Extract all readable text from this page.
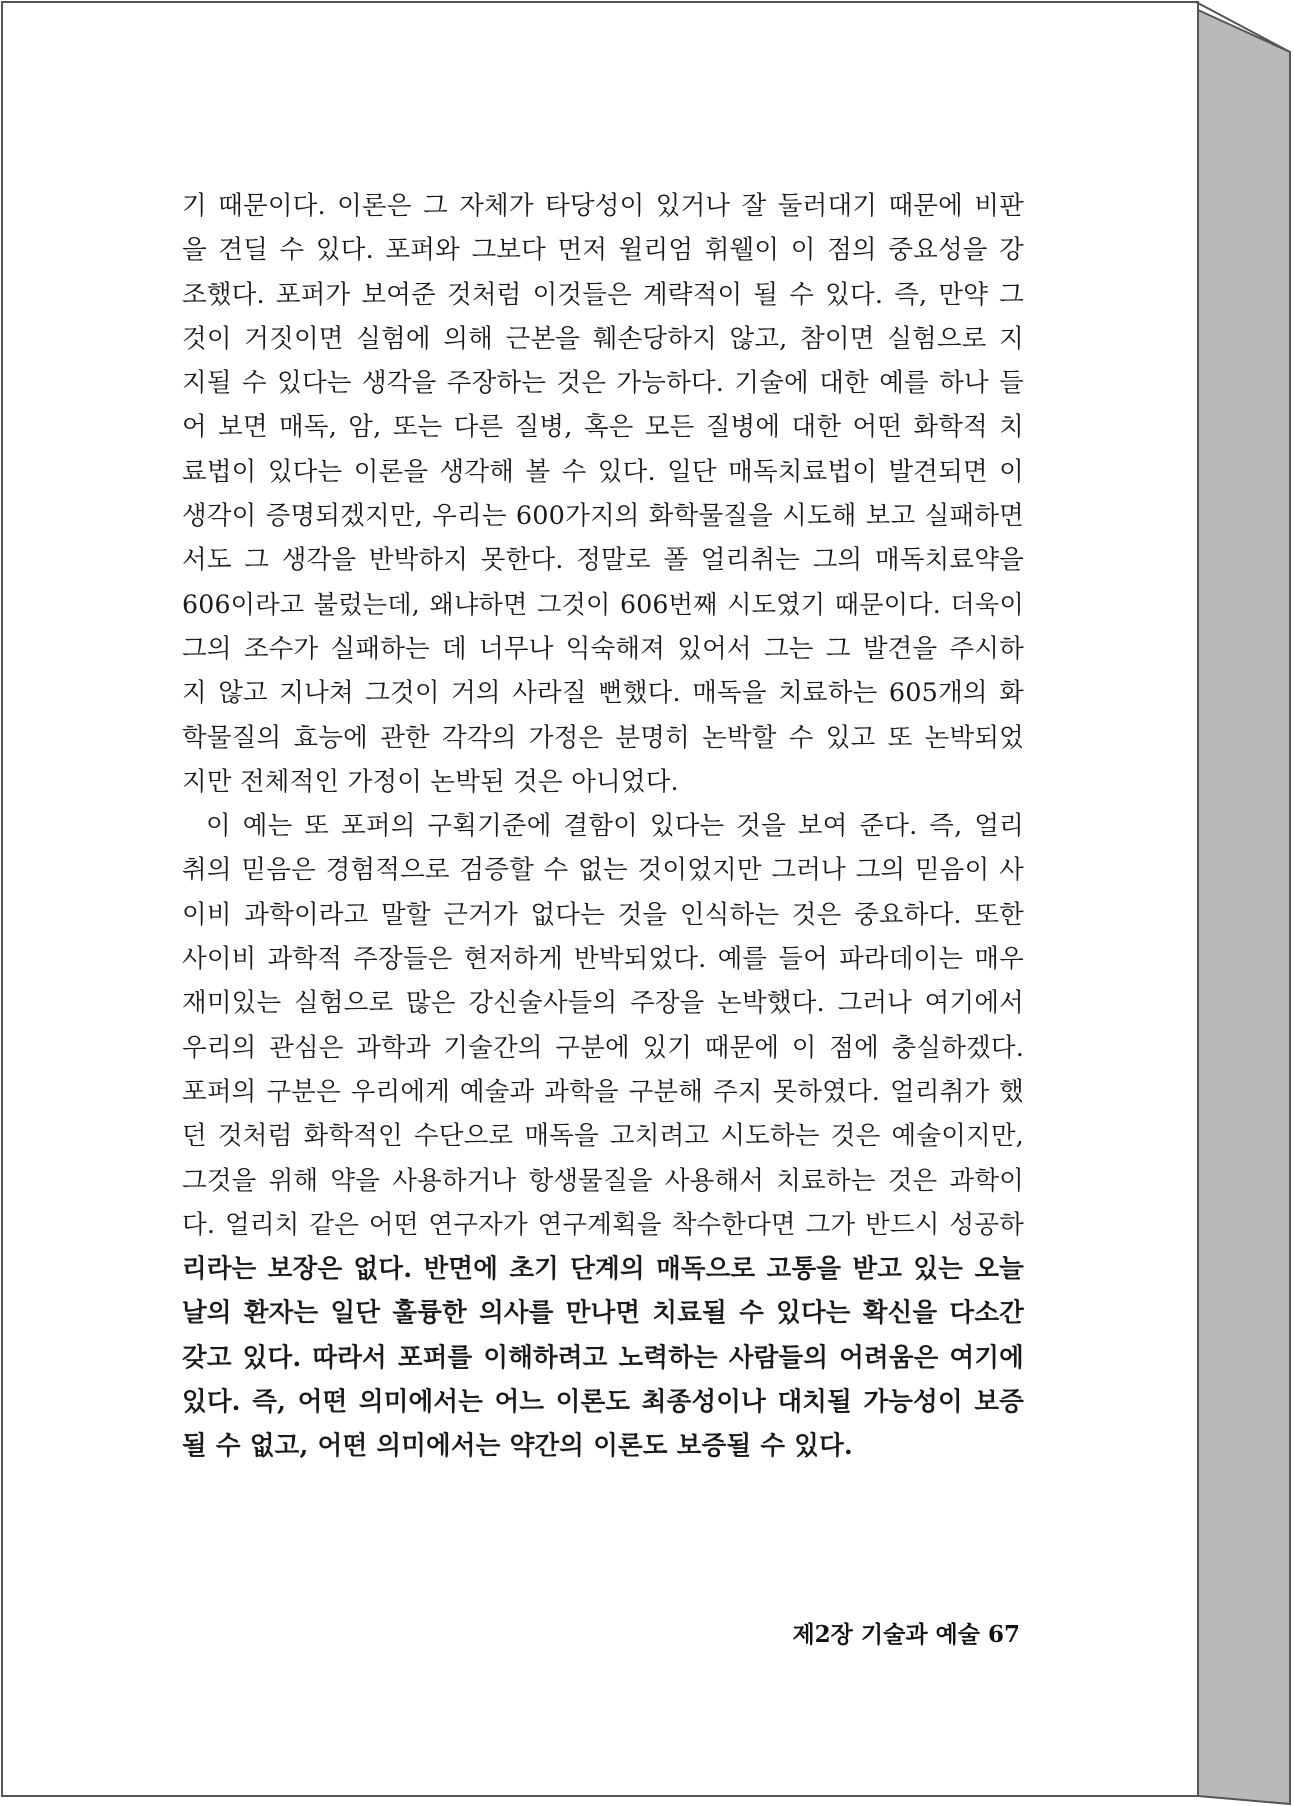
기 때문이다. 이론은 그 자체가 타당성이 있거나 잘 둘러대기 때문에 비판
을 견딜 수 있다. 포퍼와 그보다 먼저 윌리엄 휘웰이 이 점의 중요성을 강
조했다. 포퍼가 보여준 것처럼 이것들은 계략적이 될 수 있다. 즉, 만약 그
것이 거짓이면 실험에 의해 근본을 훼손당하지 않고, 참이면 실험으로 지
지될 수 있다는 생각을 주장하는 것은 가능하다. 기술에 대한 예를 하나 들
어 보면 매독, 암, 또는 다른 질병, 혹은 모든 질병에 대한 어떤 화학적 치
료법이 있다는 이론을 생각해 볼 수 있다. 일단 매독치료법이 발견되면 이
생각이 증명되겠지만, 우리는 600가지의 화학물질을 시도해 보고 실패하면
서도 그 생각을 반박하지 못한다. 정말로 폴 얼리취는 그의 매독치료약을
606이라고 불렀는데, 왜냐하면 그것이 606번째 시도였기 때문이다. 더욱이
그의 조수가 실패하는 데 너무나 익숙해져 있어서 그는 그 발견을 주시하
지 않고 지나쳐 그것이 거의 사라질 뻔했다. 매독을 치료하는 605개의 화
학물질의 효능에 관한 각각의 가정은 분명히 논박할 수 있고 또 논박되었
지만 전체적인 가정이 논박된 것은 아니었다.
이 예는 또 포퍼의 구획기준에 결함이 있다는 것을 보여 준다. 즉, 얼리
취의 믿음은 경험적으로 검증할 수 없는 것이었지만 그러나 그의 믿음이 사
이비 과학이라고 말할 근거가 없다는 것을 인식하는 것은 중요하다. 또한
사이비 과학적 주장들은 현저하게 반박되었다. 예를 들어 파라데이는 매우
재미있는 실험으로 많은 강신술사들의 주장을 논박했다. 그러나 여기에서
우리의 관심은 과학과 기술간의 구분에 있기 때문에 이 점에 충실하겠다.
포퍼의 구분은 우리에게 예술과 과학을 구분해 주지 못하였다. 얼리취가 했
던 것처럼 화학적인 수단으로 매독을 고치려고 시도하는 것은 예술이지만,
그것을 위해 약을 사용하거나 항생물질을 사용해서 치료하는 것은 과학이
다. 얼리치 같은 어떤 연구자가 연구계획을 착수한다면 그가 반드시 성공하
리라는 보장은 없다. 반면에 초기 단계의 매독으로 고통을 받고 있는 오늘
날의 환자는 일단 훌륭한 의사를 만나면 치료될 수 있다는 확신을 다소간
갖고 있다. 따라서 포퍼를 이해하려고 노력하는 사람들의 어려움은 여기에
있다. 즉, 어떤 의미에서는 어느 이론도 최종성이나 대치될 가능성이 보증
될 수 없고, 어떤 의미에서는 약간의 이론도 보증될 수 있다.
제2장 기술과 예술 67
